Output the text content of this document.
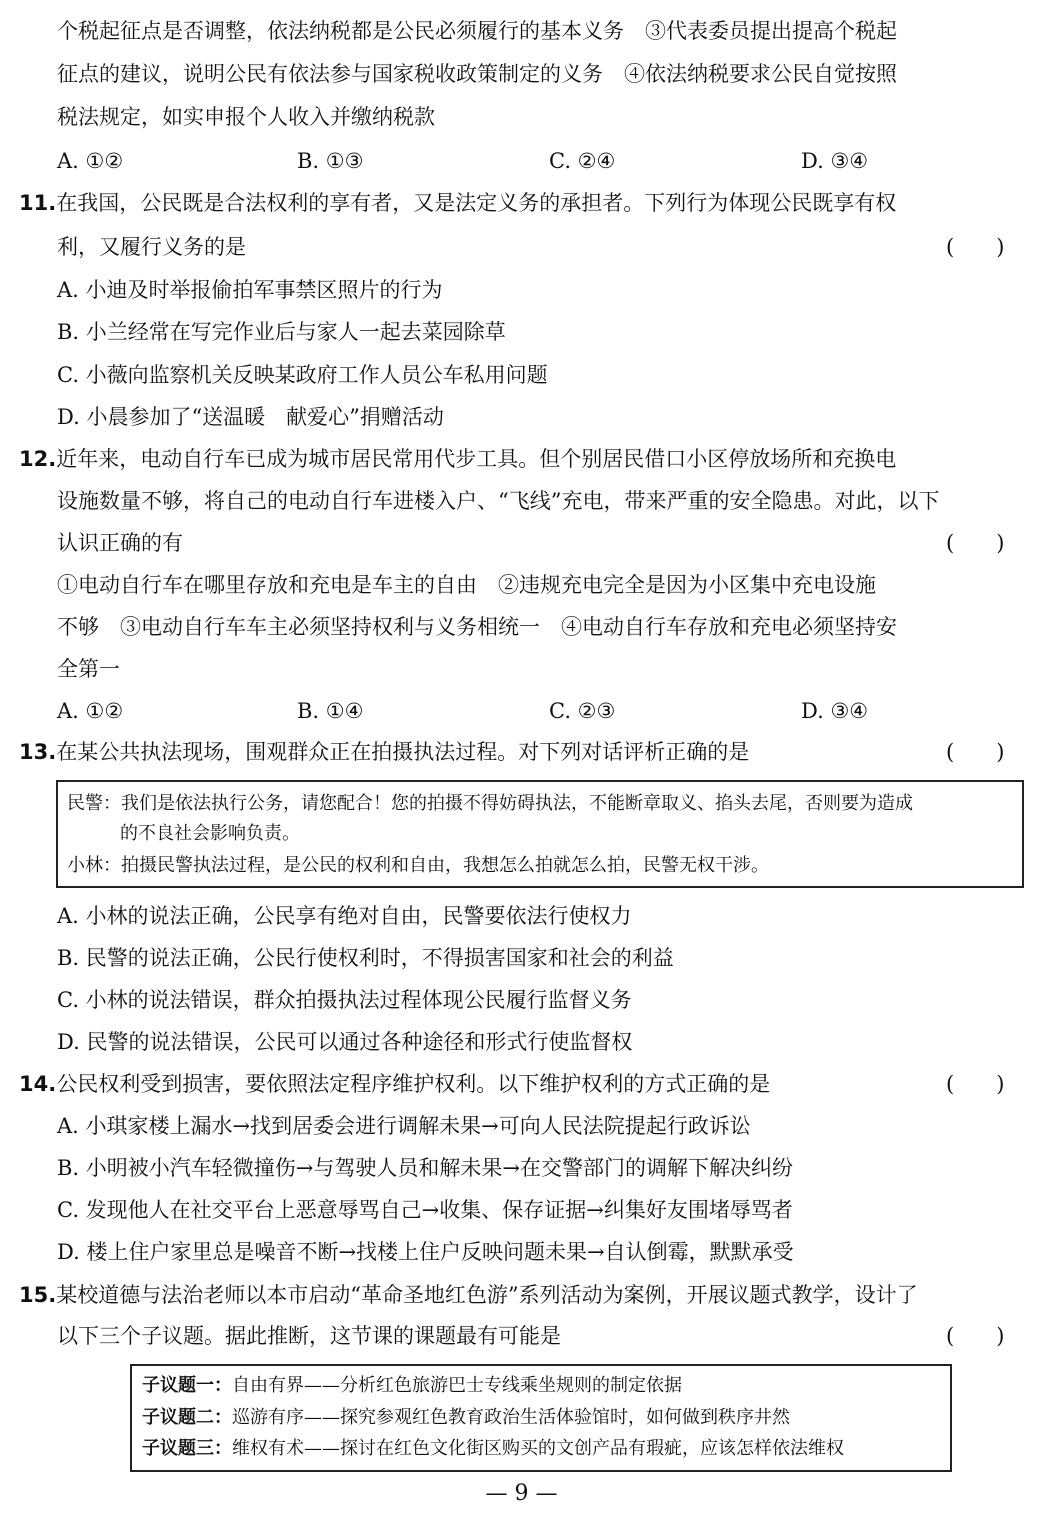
个税起征点是否调整，依法纳税都是公民必须履行的基本义务　③代表委员提出提高个税起
征点的建议，说明公民有依法参与国家税收政策制定的义务　④依法纳税要求公民自觉按照
税法规定，如实申报个人收入并缴纳税款
A. ①②	B. ①③	C. ②④	D. ③④
11.在我国，公民既是合法权利的享有者，又是法定义务的承担者。下列行为体现公民既享有权
利，又履行义务的是	(　　)
A. 小迪及时举报偷拍军事禁区照片的行为
B. 小兰经常在写完作业后与家人一起去菜园除草
C. 小薇向监察机关反映某政府工作人员公车私用问题
D. 小晨参加了“送温暖　献爱心”捐赠活动
12.近年来，电动自行车已成为城市居民常用代步工具。但个别居民借口小区停放场所和充换电
设施数量不够，将自己的电动自行车进楼入户、“飞线”充电，带来严重的安全隐患。对此，以下
认识正确的有	(　　)
①电动自行车在哪里存放和充电是车主的自由　②违规充电完全是因为小区集中充电设施
不够　③电动自行车车主必须坚持权利与义务相统一　④电动自行车存放和充电必须坚持安
全第一
A. ①②	B. ①④	C. ②③	D. ③④
13.在某公共执法现场，围观群众正在拍摄执法过程。对下列对话评析正确的是	(　　)
民警：我们是依法执行公务，请您配合！您的拍摄不得妨碍执法，不能断章取义、掐头去尾，否则要为造成
的不良社会影响负责。
小林：拍摄民警执法过程，是公民的权利和自由，我想怎么拍就怎么拍，民警无权干涉。
A. 小林的说法正确，公民享有绝对自由，民警要依法行使权力
B. 民警的说法正确，公民行使权利时，不得损害国家和社会的利益
C. 小林的说法错误，群众拍摄执法过程体现公民履行监督义务
D. 民警的说法错误，公民可以通过各种途径和形式行使监督权
14.公民权利受到损害，要依照法定程序维护权利。以下维护权利的方式正确的是	(　　)
A. 小琪家楼上漏水→找到居委会进行调解未果→可向人民法院提起行政诉讼
B. 小明被小汽车轻微撞伤→与驾驶人员和解未果→在交警部门的调解下解决纠纷
C. 发现他人在社交平台上恶意辱骂自己→收集、保存证据→纠集好友围堵辱骂者
D. 楼上住户家里总是噪音不断→找楼上住户反映问题未果→自认倒霉，默默承受
15.某校道德与法治老师以本市启动“革命圣地红色游”系列活动为案例，开展议题式教学，设计了
以下三个子议题。据此推断，这节课的课题最有可能是	(　　)
子议题一：自由有界——分析红色旅游巴士专线乘坐规则的制定依据
子议题二：巡游有序——探究参观红色教育政治生活体验馆时，如何做到秩序井然
子议题三：维权有术——探讨在红色文化街区购买的文创产品有瑕疵，应该怎样依法维权
— 9 —
